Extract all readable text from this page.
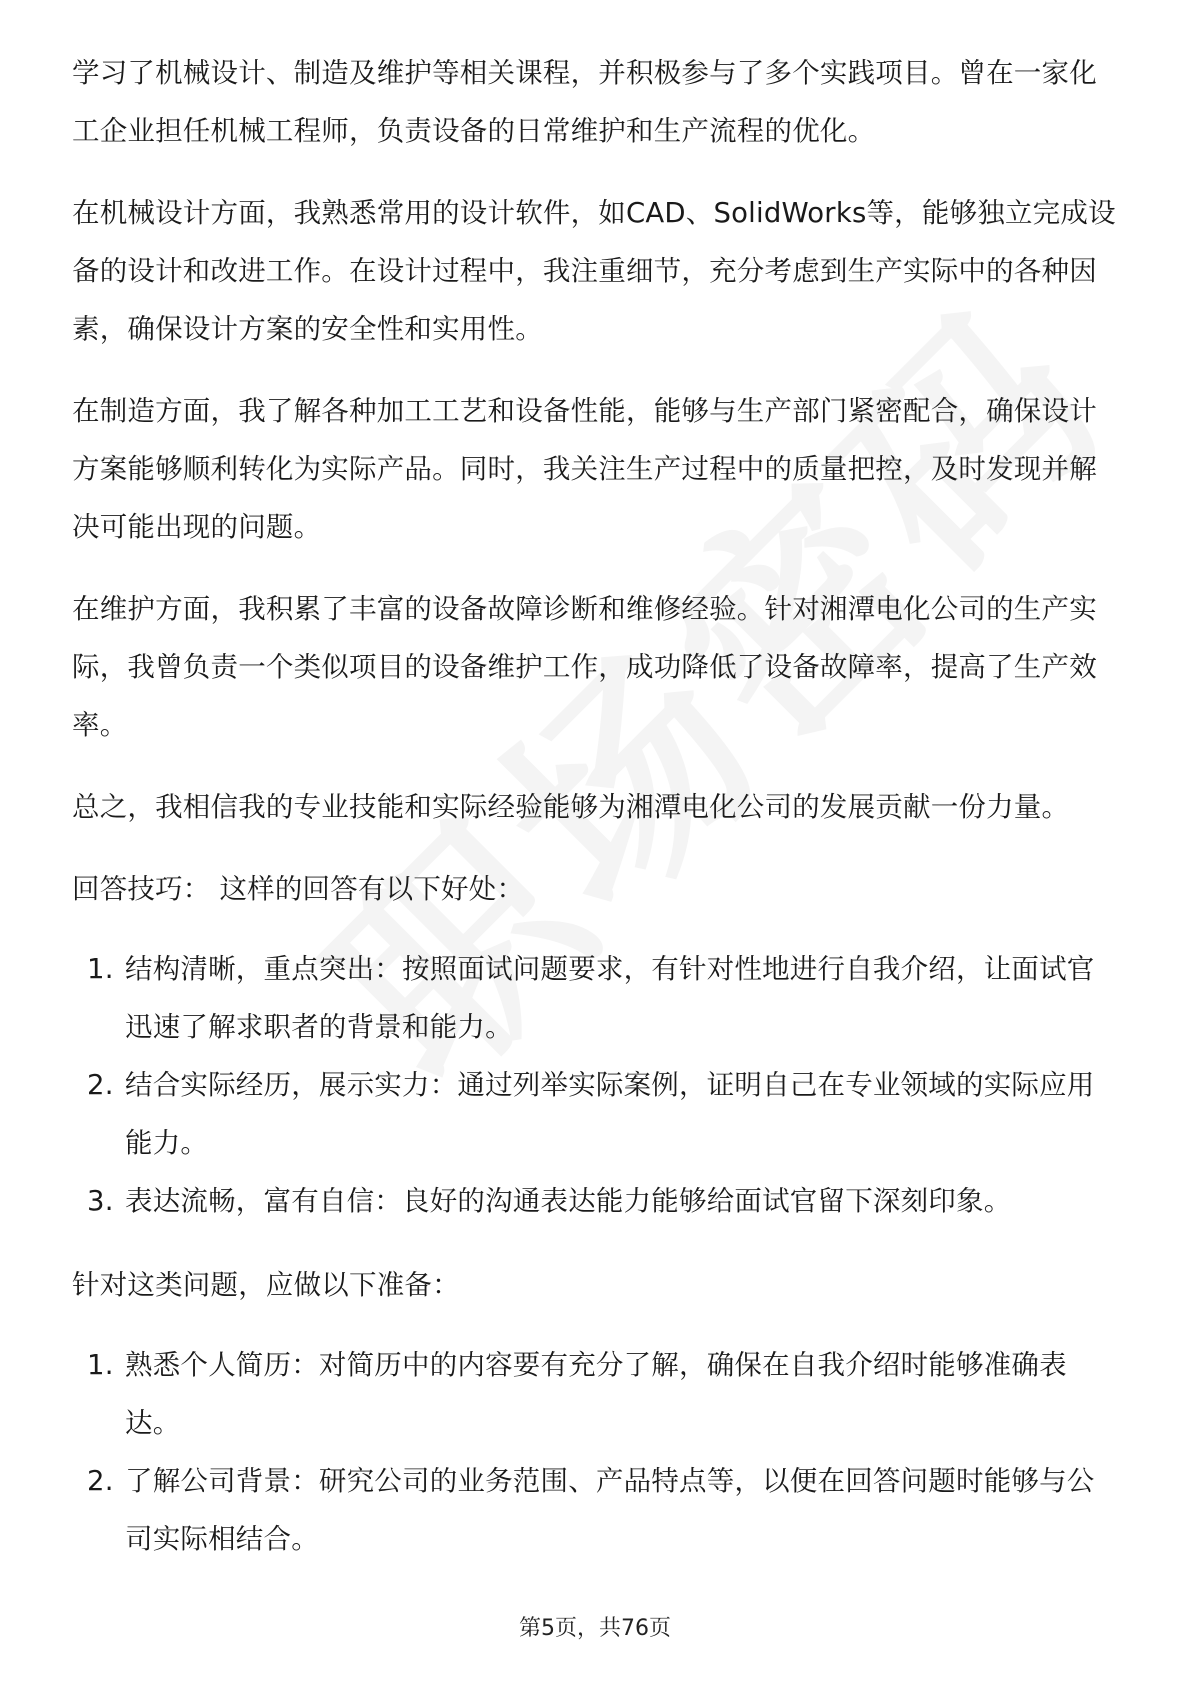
学习了机械设计、制造及维护等相关课程，并积极参与了多个实践项目。曾在一家化工企业担任机械工程师，负责设备的日常维护和生产流程的优化。

在机械设计方面，我熟悉常用的设计软件，如CAD、SolidWorks等，能够独立完成设备的设计和改进工作。在设计过程中，我注重细节，充分考虑到生产实际中的各种因素，确保设计方案的安全性和实用性。

在制造方面，我了解各种加工工艺和设备性能，能够与生产部门紧密配合，确保设计方案能够顺利转化为实际产品。同时，我关注生产过程中的质量把控，及时发现并解决可能出现的问题。

在维护方面，我积累了丰富的设备故障诊断和维修经验。针对湘潭电化公司的生产实际，我曾负责一个类似项目的设备维护工作，成功降低了设备故障率，提高了生产效率。

总之，我相信我的专业技能和实际经验能够为湘潭电化公司的发展贡献一份力量。

回答技巧： 这样的回答有以下好处：

1. 结构清晰，重点突出：按照面试问题要求，有针对性地进行自我介绍，让面试官迅速了解求职者的背景和能力。
2. 结合实际经历，展示实力：通过列举实际案例，证明自己在专业领域的实际应用能力。
3. 表达流畅，富有自信：良好的沟通表达能力能够给面试官留下深刻印象。

针对这类问题，应做以下准备：

1. 熟悉个人简历：对简历中的内容要有充分了解，确保在自我介绍时能够准确表达。
2. 了解公司背景：研究公司的业务范围、产品特点等，以便在回答问题时能够与公司实际相结合。
第5页，共76页
